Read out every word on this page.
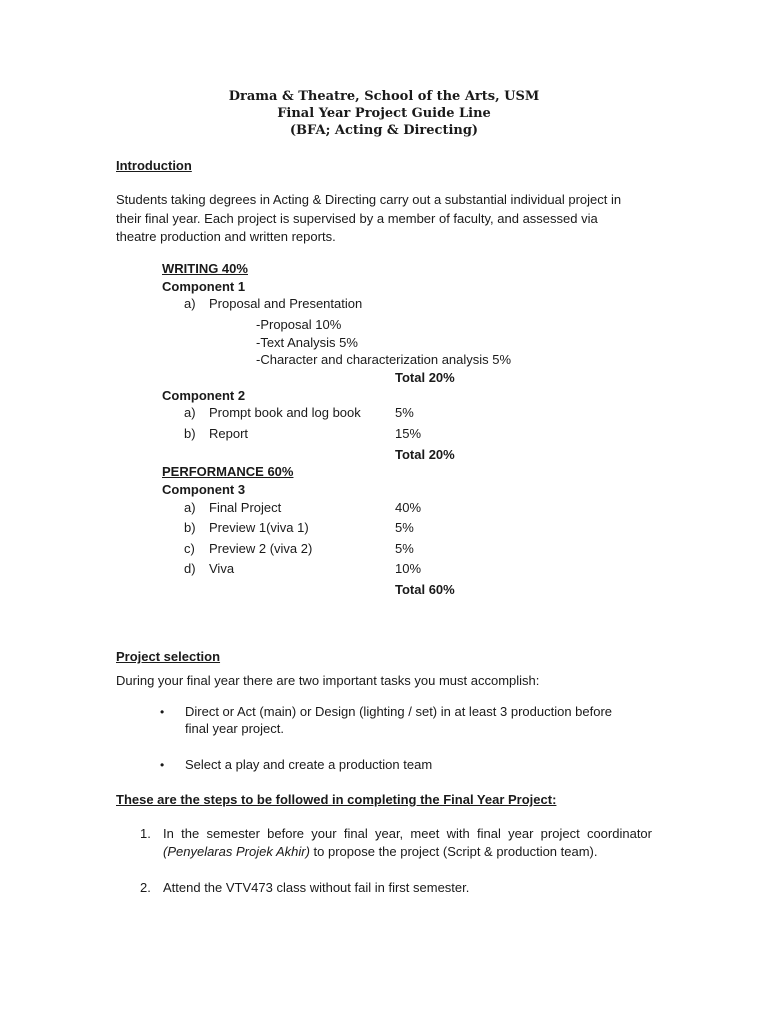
Drama & Theatre, School of the Arts, USM
Final Year Project Guide Line
(BFA; Acting & Directing)
Introduction
Students taking degrees in Acting & Directing carry out a substantial individual project in their final year. Each project is supervised by a member of faculty, and assessed via theatre production and written reports.
WRITING 40%
Component 1
a) Proposal and Presentation
-Proposal 10%
-Text Analysis 5%
-Character and characterization analysis 5%
Total 20%
Component 2
a) Prompt book and log book	5%
b) Report	15%
Total 20%
PERFORMANCE 60%
Component 3
a) Final Project	40%
b) Preview 1(viva 1)	5%
c) Preview 2 (viva 2)	5%
d) Viva	10%
Total 60%
Project selection
During your final year there are two important tasks you must accomplish:
• Direct or Act (main) or Design (lighting / set) in at least 3 production before final year project.
• Select a play and create a production team
These are the steps to be followed in completing the Final Year Project:
1. In the semester before your final year, meet with final year project coordinator (Penyelaras Projek Akhir) to propose the project (Script & production team).
2. Attend the VTV473 class without fail in first semester.
